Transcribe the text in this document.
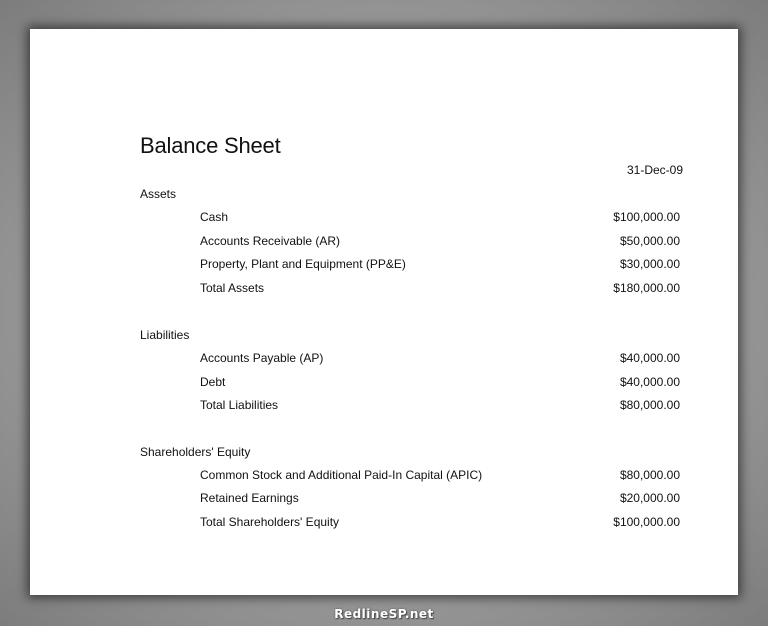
Balance Sheet
31-Dec-09
Assets
Cash	$100,000.00
Accounts Receivable (AR)	$50,000.00
Property, Plant and Equipment (PP&E)	$30,000.00
Total Assets	$180,000.00
Liabilities
Accounts Payable (AP)	$40,000.00
Debt	$40,000.00
Total Liabilities	$80,000.00
Shareholders' Equity
Common Stock and Additional Paid-In Capital (APIC)	$80,000.00
Retained Earnings	$20,000.00
Total Shareholders' Equity	$100,000.00
RedlineSP.net
